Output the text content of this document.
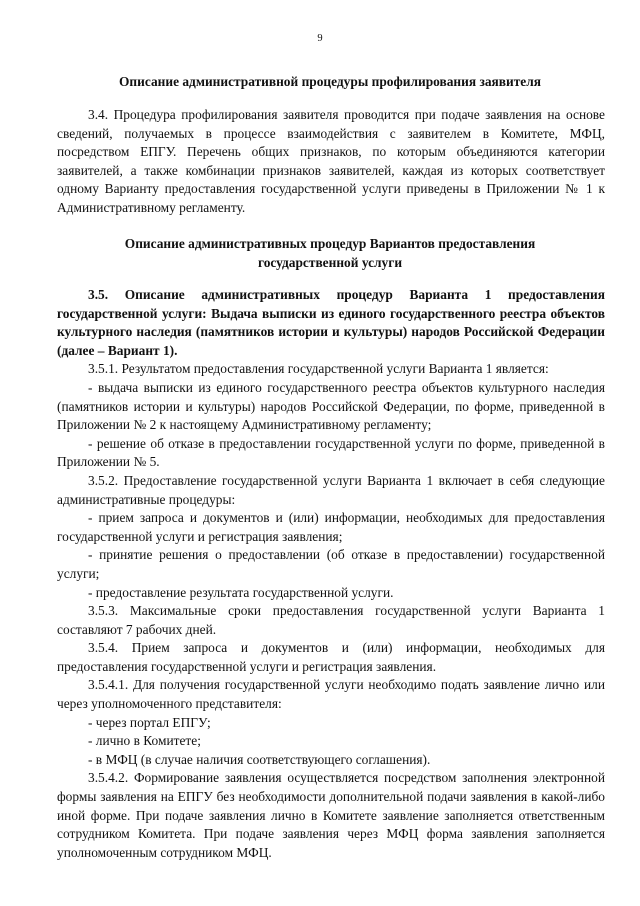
9
Описание административной процедуры профилирования заявителя

3.4. Процедура профилирования заявителя проводится при подаче заявления на основе сведений, получаемых в процессе взаимодействия с заявителем в Комитете, МФЦ, посредством ЕПГУ. Перечень общих признаков, по которым объединяются категории заявителей, а также комбинации признаков заявителей, каждая из которых соответствует одному Варианту предоставления государственной услуги приведены в Приложении № 1 к Административному регламенту.

Описание административных процедур Вариантов предоставления
государственной услуги

3.5. Описание административных процедур Варианта 1 предоставления государственной услуги: Выдача выписки из единого государственного реестра объектов культурного наследия (памятников истории и культуры) народов Российской Федерации (далее – Вариант 1).

3.5.1. Результатом предоставления государственной услуги Варианта 1 является:

- выдача выписки из единого государственного реестра объектов культурного наследия (памятников истории и культуры) народов Российской Федерации, по форме, приведенной в Приложении № 2 к настоящему Административному регламенту;

- решение об отказе в предоставлении государственной услуги по форме, приведенной в Приложении № 5.

3.5.2. Предоставление государственной услуги Варианта 1 включает в себя следующие административные процедуры:

- прием запроса и документов и (или) информации, необходимых для предоставления государственной услуги и регистрация заявления;

- принятие решения о предоставлении (об отказе в предоставлении) государственной услуги;

- предоставление результата государственной услуги.

3.5.3. Максимальные сроки предоставления государственной услуги Варианта 1 составляют 7 рабочих дней.

3.5.4. Прием запроса и документов и (или) информации, необходимых для предоставления государственной услуги и регистрация заявления.

3.5.4.1. Для получения государственной услуги необходимо подать заявление лично или через уполномоченного представителя:

- через портал ЕПГУ;

- лично в Комитете;

- в МФЦ (в случае наличия соответствующего соглашения).

3.5.4.2. Формирование заявления осуществляется посредством заполнения электронной формы заявления на ЕПГУ без необходимости дополнительной подачи заявления в какой-либо иной форме. При подаче заявления лично в Комитете заявление заполняется ответственным сотрудником Комитета. При подаче заявления через МФЦ форма заявления заполняется уполномоченным сотрудником МФЦ.
